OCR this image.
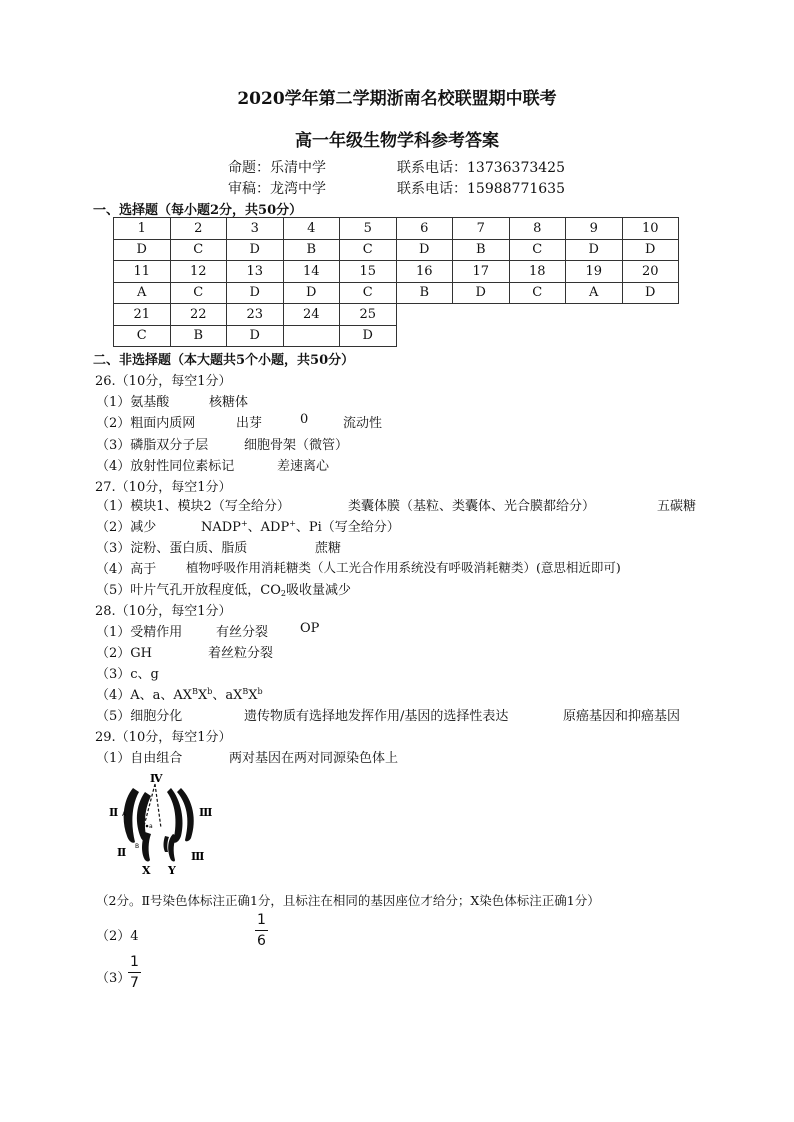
2020学年第二学期浙南名校联盟期中联考
高一年级生物学科参考答案
命题：乐清中学	联系电话：13736373425
审稿：龙湾中学	联系电话：15988771635
一、选择题（每小题2分，共50分）
1	2	3	4	5	6	7	8	9	10
D	C	D	B	C	D	B	C	D	D
11	12	13	14	15	16	17	18	19	20
A	C	D	D	C	B	D	C	A	D
21	22	23	24	25					
C	B	D		D					
二、非选择题（本大题共5个小题，共50分）
26.（10分，每空1分）
（1）氨基酸	核糖体
（2）粗面内质网	出芽	0	流动性
（3）磷脂双分子层	细胞骨架（微管）
（4）放射性同位素标记	差速离心
27.（10分，每空1分）
（1）模块1、模块2（写全给分）	类囊体膜（基粒、类囊体、光合膜都给分）	五碳糖
（2）减少	NADP+、ADP+、Pi（写全给分）
（3）淀粉、蛋白质、脂质	蔗糖
（4）高于 植物呼吸作用消耗糖类（人工光合作用系统没有呼吸消耗糖类）(意思相近即可)
（5）叶片气孔开放程度低，$CO_2$吸收量减少
28.（10分，每空1分）
（1）受精作用	有丝分裂 OP
（2）GH	着丝粒分裂
（3）c、g
（4）A、a、$AX^BX^b$、$aX^BX^b$
（5）细胞分化	遗传物质有选择地发挥作用/基因的选择性表达	原癌基因和抑癌基因
29.（10分，每空1分）
（1）自由组合	两对基因在两对同源染色体上
Ⅳ
Ⅱ	Ⅲ
Ⅱ	Ⅲ
A
a
B
X Y
（2分。Ⅱ号染色体标注正确1分，且标注在相同的基因座位才给分；X染色体标注正确1分）
（2）4
1
6
（3）
1
7
